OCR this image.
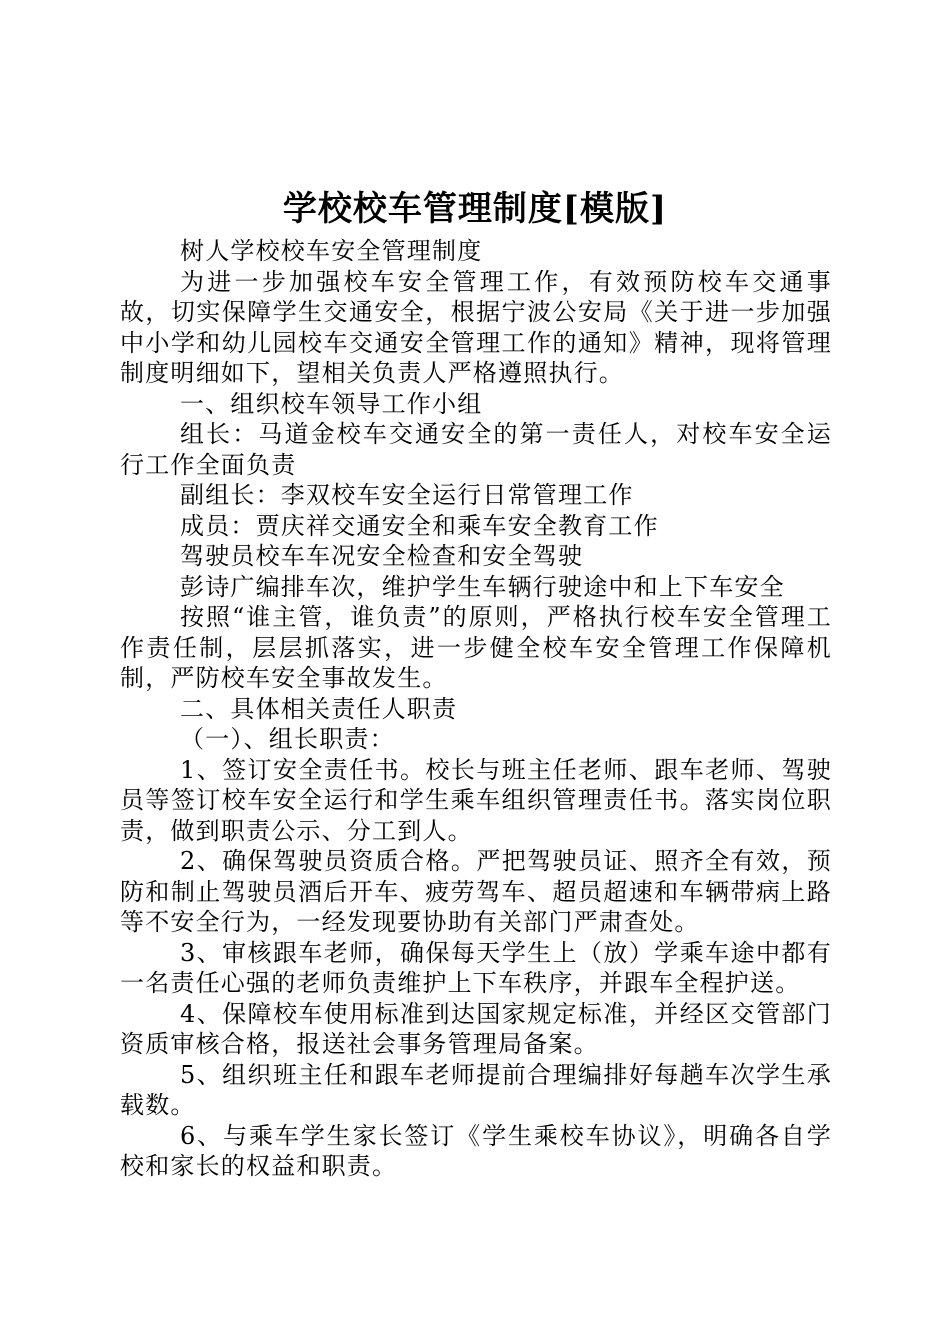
学校校车管理制度[模版]

树人学校校车安全管理制度

为进一步加强校车安全管理工作，有效预防校车交通事故，切实保障学生交通安全，根据宁波公安局《关于进一步加强中小学和幼儿园校车交通安全管理工作的通知》精神，现将管理制度明细如下，望相关负责人严格遵照执行。

一、组织校车领导工作小组

组长：马道金校车交通安全的第一责任人，对校车安全运行工作全面负责

副组长：李双校车安全运行日常管理工作

成员：贾庆祥交通安全和乘车安全教育工作

驾驶员校车车况安全检查和安全驾驶

彭诗广编排车次，维护学生车辆行驶途中和上下车安全

按照“谁主管，谁负责”的原则，严格执行校车安全管理工作责任制，层层抓落实，进一步健全校车安全管理工作保障机制，严防校车安全事故发生。

二、具体相关责任人职责

（一）、组长职责：

1、签订安全责任书。校长与班主任老师、跟车老师、驾驶员等签订校车安全运行和学生乘车组织管理责任书。落实岗位职责，做到职责公示、分工到人。

2、确保驾驶员资质合格。严把驾驶员证、照齐全有效，预防和制止驾驶员酒后开车、疲劳驾车、超员超速和车辆带病上路等不安全行为，一经发现要协助有关部门严肃查处。

3、审核跟车老师，确保每天学生上（放）学乘车途中都有一名责任心强的老师负责维护上下车秩序，并跟车全程护送。

4、保障校车使用标准到达国家规定标准，并经区交管部门资质审核合格，报送社会事务管理局备案。

5、组织班主任和跟车老师提前合理编排好每趟车次学生承载数。

6、与乘车学生家长签订《学生乘校车协议》，明确各自学校和家长的权益和职责。
